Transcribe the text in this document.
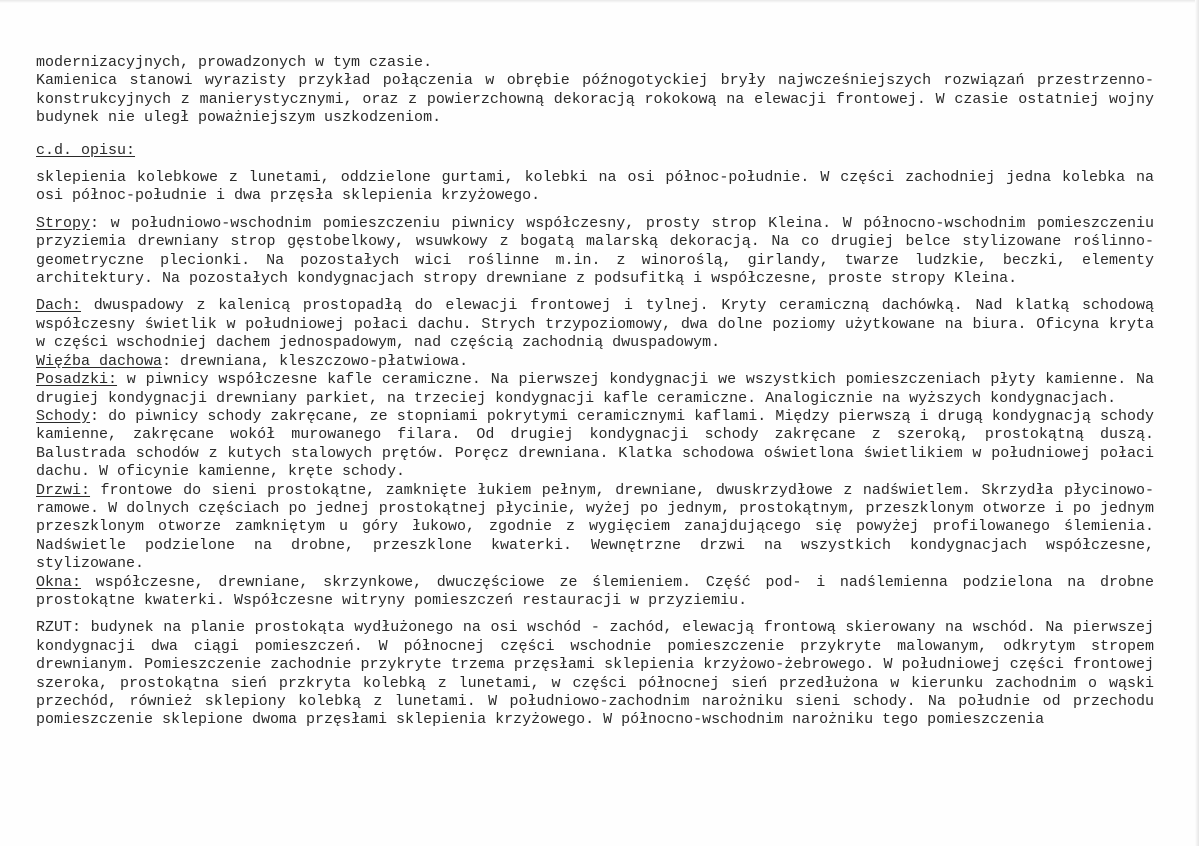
modernizacyjnych, prowadzonych w tym czasie.

Kamienica stanowi wyrazisty przykład połączenia w obrębie późnogotyckiej bryły najwcześniejszych rozwiązań przestrzenno-konstrukcyjnych z manierystycznymi, oraz z powierzchowną dekoracją rokokową na elewacji frontowej. W czasie ostatniej wojny budynek nie uległ poważniejszym uszkodzeniom.

c.d. opisu:

sklepienia kolebkowe z lunetami, oddzielone gurtami, kolebki na osi północ-południe. W części zachodniej jedna kolebka na osi północ-południe i dwa przęsła sklepienia krzyżowego.

Stropy: w południowo-wschodnim pomieszczeniu piwnicy współczesny, prosty strop Kleina. W północno-wschodnim pomieszczeniu przyziemia drewniany strop gęstobelkowy, wsuwkowy z bogatą malarską dekoracją. Na co drugiej belce stylizowane roślinno-geometryczne plecionki. Na pozostałych wici roślinne m.in. z winoroślą, girlandy, twarze ludzkie, beczki, elementy architektury. Na pozostałych kondygnacjach stropy drewniane z podsufitką i współczesne, proste stropy Kleina.

Dach: dwuspadowy z kalenicą prostopadłą do elewacji frontowej i tylnej. Kryty ceramiczną dachówką. Nad klatką schodową współczesny świetlik w południowej połaci dachu. Strych trzypoziomowy, dwa dolne poziomy użytkowane na biura. Oficyna kryta w części wschodniej dachem jednospadowym, nad częścią zachodnią dwuspadowym.

Więźba dachowa: drewniana, kleszczowo-płatwiowa.

Posadzki: w piwnicy współczesne kafle ceramiczne. Na pierwszej kondygnacji we wszystkich pomieszczeniach płyty kamienne. Na drugiej kondygnacji drewniany parkiet, na trzeciej kondygnacji kafle ceramiczne. Analogicznie na wyższych kondygnacjach.

Schody: do piwnicy schody zakręcane, ze stopniami pokrytymi ceramicznymi kaflami. Między pierwszą i drugą kondygnacją schody kamienne, zakręcane wokół murowanego filara. Od drugiej kondygnacji schody zakręcane z szeroką, prostokątną duszą. Balustrada schodów z kutych stalowych prętów. Poręcz drewniana. Klatka schodowa oświetlona świetlikiem w południowej połaci dachu. W oficynie kamienne, kręte schody.

Drzwi: frontowe do sieni prostokątne, zamknięte łukiem pełnym, drewniane, dwuskrzydłowe z nadświetlem. Skrzydła płycinowo-ramowe. W dolnych częściach po jednej prostokątnej płycinie, wyżej po jednym, prostokątnym, przeszklonym otworze i po jednym przeszklonym otworze zamkniętym u góry łukowo, zgodnie z wygięciem zanajdującego się powyżej profilowanego ślemienia. Nadświetle podzielone na drobne, przeszklone kwaterki. Wewnętrzne drzwi na wszystkich kondygnacjach współczesne, stylizowane.

Okna: współczesne, drewniane, skrzynkowe, dwuczęściowe ze ślemieniem. Część pod- i nadślemienna podzielona na drobne prostokątne kwaterki. Współczesne witryny pomieszczeń restauracji w przyziemiu.

RZUT: budynek na planie prostokąta wydłużonego na osi wschód - zachód, elewacją frontową skierowany na wschód. Na pierwszej kondygnacji dwa ciągi pomieszczeń. W północnej części wschodnie pomieszczenie przykryte malowanym, odkrytym stropem drewnianym. Pomieszczenie zachodnie przykryte trzema przęsłami sklepienia krzyżowo-żebrowego. W południowej części frontowej szeroka, prostokątna sień przkryta kolebką z lunetami, w części północnej sień przedłużona w kierunku zachodnim o wąski przechód, również sklepiony kolebką z lunetami. W południowo-zachodnim narożniku sieni schody. Na południe od przechodu pomieszczenie sklepione dwoma przęsłami sklepienia krzyżowego. W północno-wschodnim narożniku tego pomieszczenia
